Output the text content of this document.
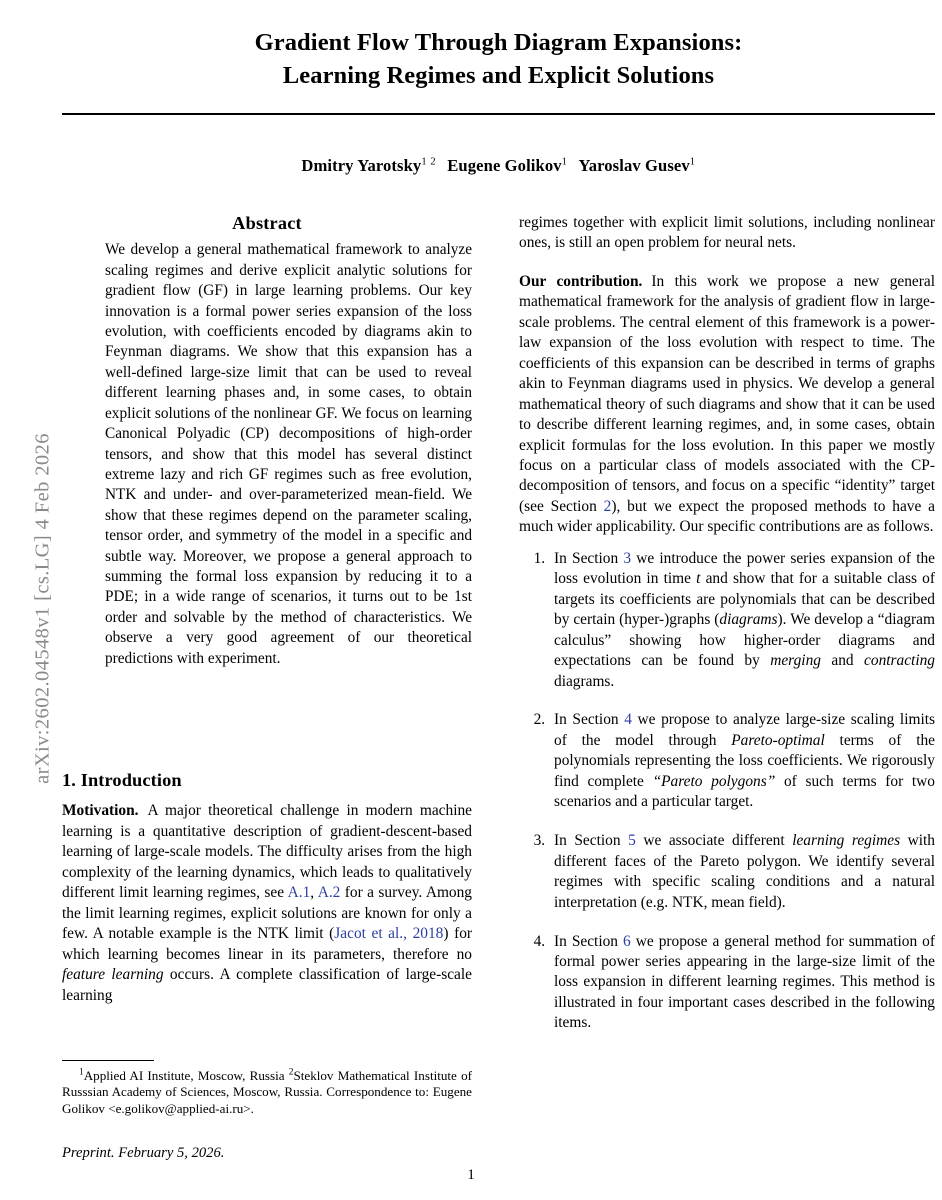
arXiv:2602.04548v1 [cs.LG] 4 Feb 2026
Gradient Flow Through Diagram Expansions:
Learning Regimes and Explicit Solutions
Dmitry Yarotsky$^{1 2}$ Eugene Golikov$^1$ Yaroslav Gusev$^1$
Abstract
We develop a general mathematical framework to analyze scaling regimes and derive explicit analytic solutions for gradient flow (GF) in large learning problems. Our key innovation is a formal power series expansion of the loss evolution, with coefficients encoded by diagrams akin to Feynman diagrams. We show that this expansion has a well-defined large-size limit that can be used to reveal different learning phases and, in some cases, to obtain explicit solutions of the nonlinear GF. We focus on learning Canonical Polyadic (CP) decompositions of high-order tensors, and show that this model has several distinct extreme lazy and rich GF regimes such as free evolution, NTK and under- and over-parameterized mean-field. We show that these regimes depend on the parameter scaling, tensor order, and symmetry of the model in a specific and subtle way. Moreover, we propose a general approach to summing the formal loss expansion by reducing it to a PDE; in a wide range of scenarios, it turns out to be 1st order and solvable by the method of characteristics. We observe a very good agreement of our theoretical predictions with experiment.
1. Introduction
Motivation. A major theoretical challenge in modern machine learning is a quantitative description of gradient-descent-based learning of large-scale models. The difficulty arises from the high complexity of the learning dynamics, which leads to qualitatively different limit learning regimes, see A.1, A.2 for a survey. Among the limit learning regimes, explicit solutions are known for only a few. A notable example is the NTK limit (Jacot et al., 2018) for which learning becomes linear in its parameters, therefore no feature learning occurs. A complete classification of large-scale learning
regimes together with explicit limit solutions, including nonlinear ones, is still an open problem for neural nets.
Our contribution. In this work we propose a new general mathematical framework for the analysis of gradient flow in large-scale problems. The central element of this framework is a power-law expansion of the loss evolution with respect to time. The coefficients of this expansion can be described in terms of graphs akin to Feynman diagrams used in physics. We develop a general mathematical theory of such diagrams and show that it can be used to describe different learning regimes, and, in some cases, obtain explicit formulas for the loss evolution. In this paper we mostly focus on a particular class of models associated with the CP-decomposition of tensors, and focus on a specific “identity” target (see Section 2), but we expect the proposed methods to have a much wider applicability. Our specific contributions are as follows.
1. In Section 3 we introduce the power series expansion of the loss evolution in time t and show that for a suitable class of targets its coefficients are polynomials that can be described by certain (hyper-)graphs (diagrams). We develop a “diagram calculus” showing how higher-order diagrams and expectations can be found by merging and contracting diagrams.
2. In Section 4 we propose to analyze large-size scaling limits of the model through Pareto-optimal terms of the polynomials representing the loss coefficients. We rigorously find complete “Pareto polygons” of such terms for two scenarios and a particular target.
3. In Section 5 we associate different learning regimes with different faces of the Pareto polygon. We identify several regimes with specific scaling conditions and a natural interpretation (e.g. NTK, mean field).
4. In Section 6 we propose a general method for summation of formal power series appearing in the large-size limit of the loss expansion in different learning regimes. This method is illustrated in four important cases described in the following items.

$^1$Applied AI Institute, Moscow, Russia $^2$Steklov Mathematical Institute of Russsian Academy of Sciences, Moscow, Russia. Correspondence to: Eugene Golikov <e.golikov@applied-ai.ru>.

Preprint. February 5, 2026.
1
